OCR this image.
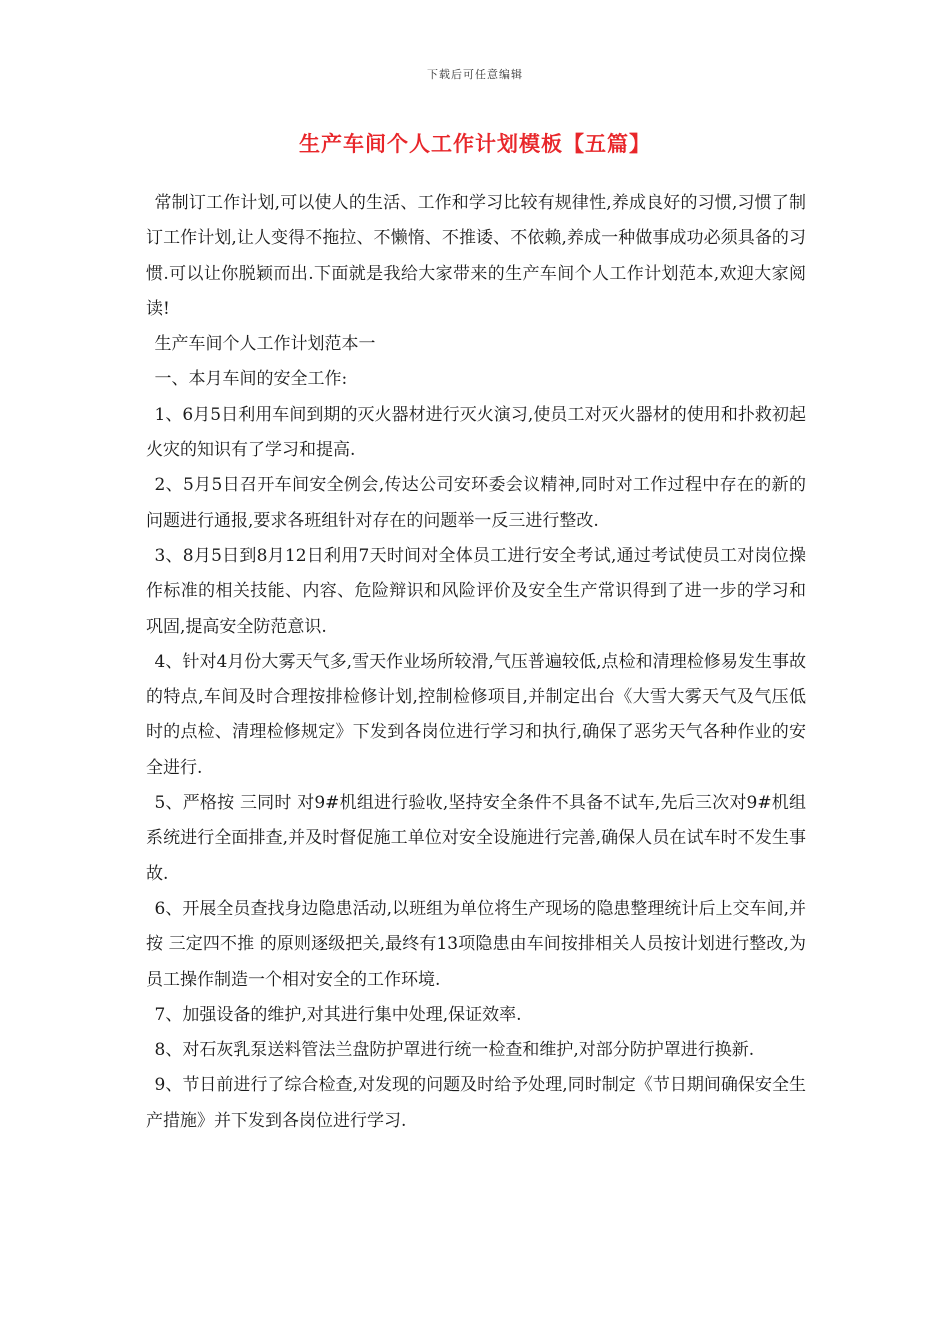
下载后可任意编辑
生产车间个人工作计划模板【五篇】

常制订工作计划,可以使人的生活、工作和学习比较有规律性,养成良好的习惯,习惯了制订工作计划,让人变得不拖拉、不懒惰、不推诿、不依赖,养成一种做事成功必须具备的习惯.可以让你脱颖而出.下面就是我给大家带来的生产车间个人工作计划范本,欢迎大家阅读!

生产车间个人工作计划范本一

一、本月车间的安全工作:

1、6月5日利用车间到期的灭火器材进行灭火演习,使员工对灭火器材的使用和扑救初起火灾的知识有了学习和提高.

2、5月5日召开车间安全例会,传达公司安环委会议精神,同时对工作过程中存在的新的问题进行通报,要求各班组针对存在的问题举一反三进行整改.

3、8月5日到8月12日利用7天时间对全体员工进行安全考试,通过考试使员工对岗位操作标准的相关技能、内容、危险辩识和风险评价及安全生产常识得到了进一步的学习和巩固,提高安全防范意识.

4、针对4月份大雾天气多,雪天作业场所较滑,气压普遍较低,点检和清理检修易发生事故的特点,车间及时合理按排检修计划,控制检修项目,并制定出台《大雪大雾天气及气压低时的点检、清理检修规定》下发到各岗位进行学习和执行,确保了恶劣天气各种作业的安全进行.

5、严格按 三同时 对9#机组进行验收,坚持安全条件不具备不试车,先后三次对9#机组系统进行全面排查,并及时督促施工单位对安全设施进行完善,确保人员在试车时不发生事故.

6、开展全员查找身边隐患活动,以班组为单位将生产现场的隐患整理统计后上交车间,并按 三定四不推 的原则逐级把关,最终有13项隐患由车间按排相关人员按计划进行整改,为员工操作制造一个相对安全的工作环境.

7、加强设备的维护,对其进行集中处理,保证效率.

8、对石灰乳泵送料管法兰盘防护罩进行统一检查和维护,对部分防护罩进行换新.

9、节日前进行了综合检查,对发现的问题及时给予处理,同时制定《节日期间确保安全生产措施》并下发到各岗位进行学习.
